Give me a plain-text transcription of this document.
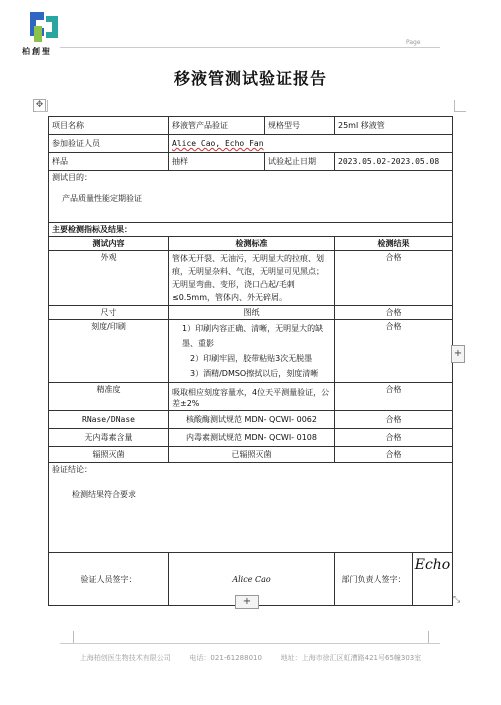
柏創聖
Page
移液管测试验证报告
✥
项目名称	移液管产品验证	规格型号	25ml 移液管
参加验证人员	Alice Cao, Echo Fan		
样品	抽样	试验起止日期	2023.05.02-2023.05.08

测试目的：
产品质量性能定期验证			

主要检测指标及结果：			
测试内容	检测标准		检测结果
外观	管体无开裂、无油污，无明显大的拉痕、划痕，无明显杂料、气泡，无明显可见黑点；无明显弯曲、变形，浇口凸起/毛刺≤0.5mm，管体内、外无碎屑。		合格
尺寸	图纸		合格
刻度/印刷	1）印刷内容正确、清晰，无明显大的缺墨、重影
2）印刷牢固，胶带粘贴3次无脱墨
3）酒精/DMSO擦拭以后，刻度清晰		合格
精准度	吸取相应刻度容量水，4位天平测量验证，公差±2%		合格
RNase/DNase	核酸酶测试规范 MDN- QCWI- 0062		合格
无内毒素含量	内毒素测试规范 MDN- QCWI- 0108		合格
辐照灭菌	已辐照灭菌		合格

验证结论：
检测结果符合要求			

验证人员签字：	Alice Cao		部门负责人签字：
Echo
+
+	⤡
上海柏创医生物技术有限公司	电话：021-61288010	地址：上海市徐汇区虹漕路421号65幢303室
